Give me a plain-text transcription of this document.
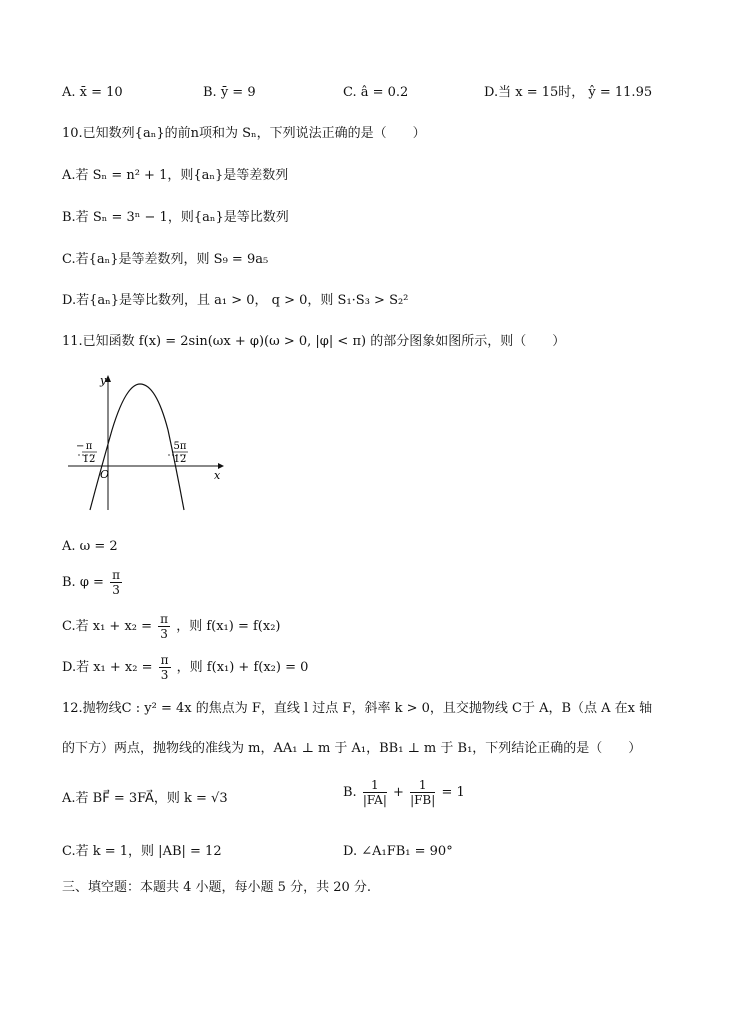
A. x̄ = 10	B. ȳ = 9	C. â = 0.2	D.当 x = 15时， ŷ = 11.95
10.已知数列{aₙ}的前n项和为 Sₙ，下列说法正确的是（　　）
A.若 Sₙ = n² + 1，则{aₙ}是等差数列
B.若 Sₙ = 3ⁿ − 1，则{aₙ}是等比数列
C.若{aₙ}是等差数列，则 S₉ = 9a₅
D.若{aₙ}是等比数列，且 a₁ > 0， q > 0，则 S₁·S₃ > S₂²
11.已知函数 f(x) = 2sin(ωx + φ)(ω > 0, |φ| < π) 的部分图象如图所示，则（　　）
y
x
O
− π
12
5π
12
A. ω = 2
B. $\varphi = \frac{\pi}{3}$
C.若 $x_1 + x_2 = \frac{\pi}{3}$ ，则 f(x₁) = f(x₂)
D.若 $x_1 + x_2 = \frac{\pi}{3}$ ，则 f(x₁) + f(x₂) = 0
12.抛物线C : y² = 4x 的焦点为 F，直线 l 过点 F，斜率 k > 0，且交抛物线 C于 A，B（点 A 在x 轴
的下方）两点，抛物线的准线为 m，AA₁ ⊥ m 于 A₁，BB₁ ⊥ m 于 B₁，下列结论正确的是（　　）
A.若 BF⃗ = 3FA⃗，则 k = √3	B. $\frac{1}{|FA|} + \frac{1}{|FB|} = 1$
C.若 k = 1，则 |AB| = 12	D. ∠A₁FB₁ = 90°
三、填空题：本题共 4 小题，每小题 5 分，共 20 分.
